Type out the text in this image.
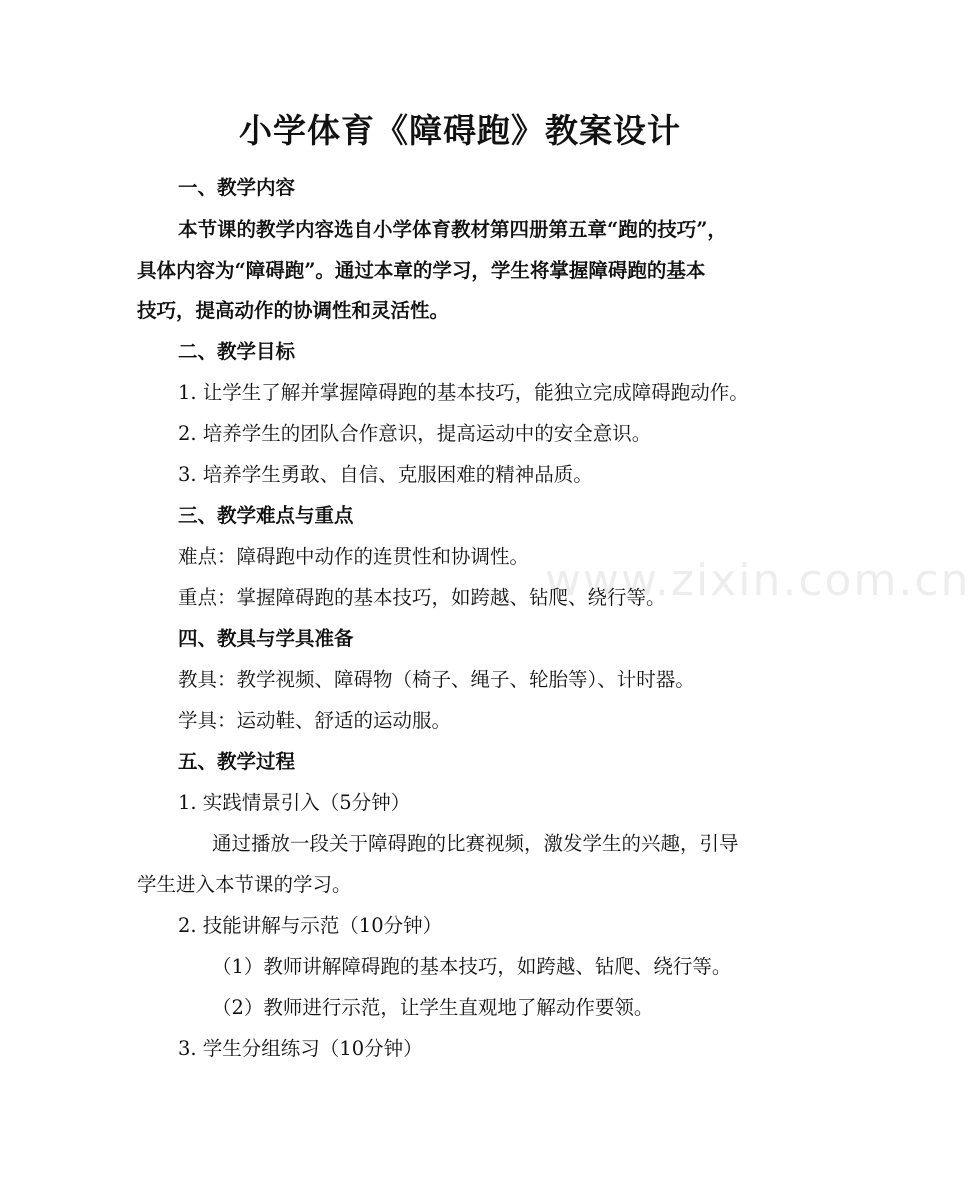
www.zixin.com.cn
小学体育《障碍跑》教案设计

一、教学内容

本节课的教学内容选自小学体育教材第四册第五章“跑的技巧”，

具体内容为“障碍跑”。通过本章的学习，学生将掌握障碍跑的基本

技巧，提高动作的协调性和灵活性。

二、教学目标

1. 让学生了解并掌握障碍跑的基本技巧，能独立完成障碍跑动作。

2. 培养学生的团队合作意识，提高运动中的安全意识。

3. 培养学生勇敢、自信、克服困难的精神品质。

三、教学难点与重点

难点：障碍跑中动作的连贯性和协调性。

重点：掌握障碍跑的基本技巧，如跨越、钻爬、绕行等。

四、教具与学具准备

教具：教学视频、障碍物（椅子、绳子、轮胎等）、计时器。

学具：运动鞋、舒适的运动服。

五、教学过程

1. 实践情景引入（5分钟）

通过播放一段关于障碍跑的比赛视频，激发学生的兴趣，引导

学生进入本节课的学习。

2. 技能讲解与示范（10分钟）

（1）教师讲解障碍跑的基本技巧，如跨越、钻爬、绕行等。

（2）教师进行示范，让学生直观地了解动作要领。

3. 学生分组练习（10分钟）
